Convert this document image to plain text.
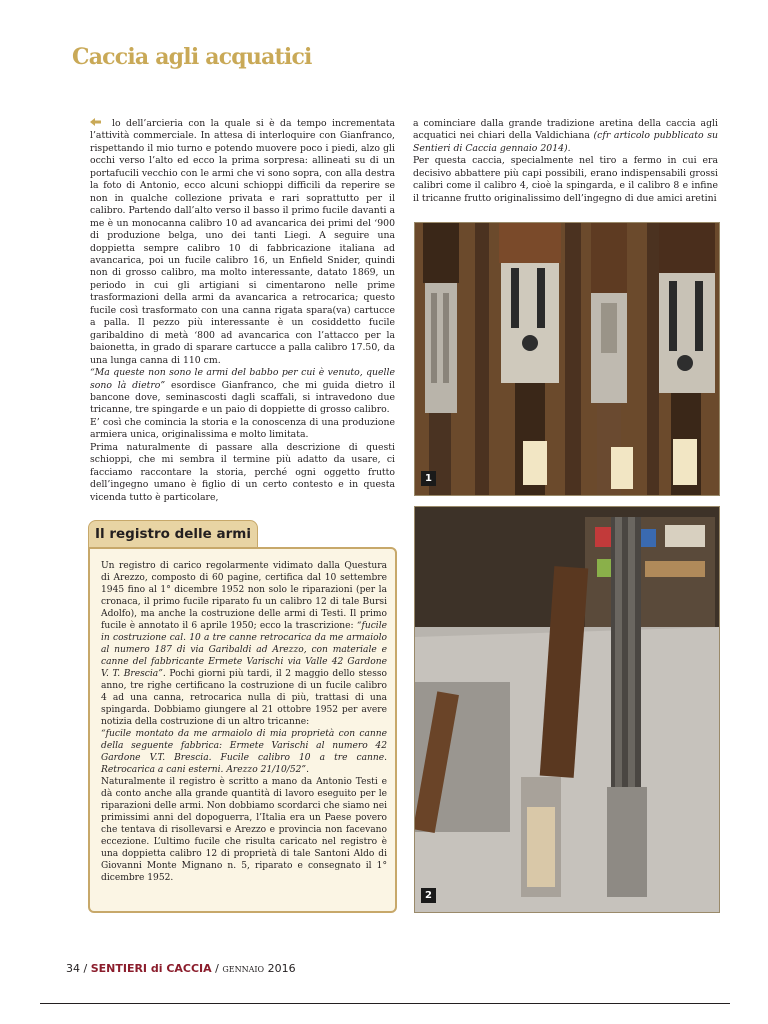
Caccia agli acquatici

lo dell’arcieria con la quale si è da tempo incrementata l’attività commerciale. In attesa di interloquire con Gianfranco, rispettando il mio turno e potendo muovere poco i piedi, alzo gli occhi verso l’alto ed ecco la prima sorpresa: allineati su di un portafucili vecchio con le armi che vi sono sopra, con alla destra la foto di Antonio, ecco alcuni schioppi difficili da reperire se non in qualche collezione privata e rari soprattutto per il calibro. Partendo dall’alto verso il basso il primo fucile davanti a me è un monocanna calibro 10 ad avancarica dei primi del ‘900 di produzione belga, uno dei tanti Liegi. A seguire una doppietta sempre calibro 10 di fabbricazione italiana ad avancarica, poi un fucile calibro 16, un Enfield Snider, quindi non di grosso calibro, ma molto interessante, datato 1869, un periodo in cui gli artigiani si cimentarono nelle prime trasformazioni della armi da avancarica a retrocarica; questo fucile così trasformato con una canna rigata spara(va) cartucce a palla. Il pezzo più interessante è un cosiddetto fucile garibaldino di metà ‘800 ad avancarica con l’attacco per la baionetta, in grado di sparare cartucce a palla calibro 17.50, da una lunga canna di 110 cm.

“Ma queste non sono le armi del babbo per cui è venuto, quelle sono là dietro” esordisce Gianfranco, che mi guida dietro il bancone dove, seminascosti dagli scaffali, si intravedono due tricanne, tre spingarde e un paio di doppiette di grosso calibro.

E’ così che comincia la storia e la conoscenza di una produzione armiera unica, originalissima e molto limitata.

Prima naturalmente di passare alla descrizione di questi schioppi, che mi sembra il termine più adatto da usare, ci facciamo raccontare la storia, perché ogni oggetto frutto dell’ingegno umano è figlio di un certo contesto e in questa vicenda tutto è particolare,

a cominciare dalla grande tradizione aretina della caccia agli acquatici nei chiari della Valdichiana (cfr articolo pubblicato su Sentieri di Caccia gennaio 2014).

Per questa caccia, specialmente nel tiro a fermo in cui era decisivo abbattere più capi possibili, erano indispensabili grossi calibri come il calibro 4, cioè la spingarda, e il calibro 8 e infine il tricanne frutto originalissimo dell’ingegno di due amici aretini

Il registro delle armi

Un registro di carico regolarmente vidimato dalla Questura di Arezzo, composto di 60 pagine, certifica dal 10 settembre 1945 fino al 1° dicembre 1952 non solo le riparazioni (per la cronaca, il primo fucile riparato fu un calibro 12 di tale Bursi Adolfo), ma anche la costruzione delle armi di Testi. Il primo fucile è annotato il 6 aprile 1950; ecco la trascrizione: “fucile in costruzione cal. 10 a tre canne retrocarica da me armaiolo al numero 187 di via Garibaldi ad Arezzo, con materiale e canne del fabbricante Ermete Varischi via Valle 42 Gardone V. T. Brescia”. Pochi giorni più tardi, il 2 maggio dello stesso anno, tre righe certificano la costruzione di un fucile calibro 4 ad una canna, retrocarica nulla di più, trattasi di una spingarda. Dobbiamo giungere al 21 ottobre 1952 per avere notizia della costruzione di un altro tricanne:
“fucile montato da me armaiolo di mia proprietà con canne della seguente fabbrica: Ermete Varischi al numero 42 Gardone V.T. Brescia. Fucile calibro 10 a tre canne. Retrocarica a cani esterni. Arezzo 21/10/52”.

Naturalmente il registro è scritto a mano da Antonio Testi e dà conto anche alla grande quantità di lavoro eseguito per le riparazioni delle armi. Non dobbiamo scordarci che siamo nei primissimi anni del dopoguerra, l’Italia era un Paese povero che tentava di risollevarsi e Arezzo e provincia non facevano eccezione. L’ultimo fucile che risulta caricato nel registro è una doppietta calibro 12 di proprietà di tale Santoni Aldo di Giovanni Monte Mignano n. 5, riparato e consegnato il 1° dicembre 1952.

1
2
34 / SENTIERI di CACCIA / gennaio 2016
